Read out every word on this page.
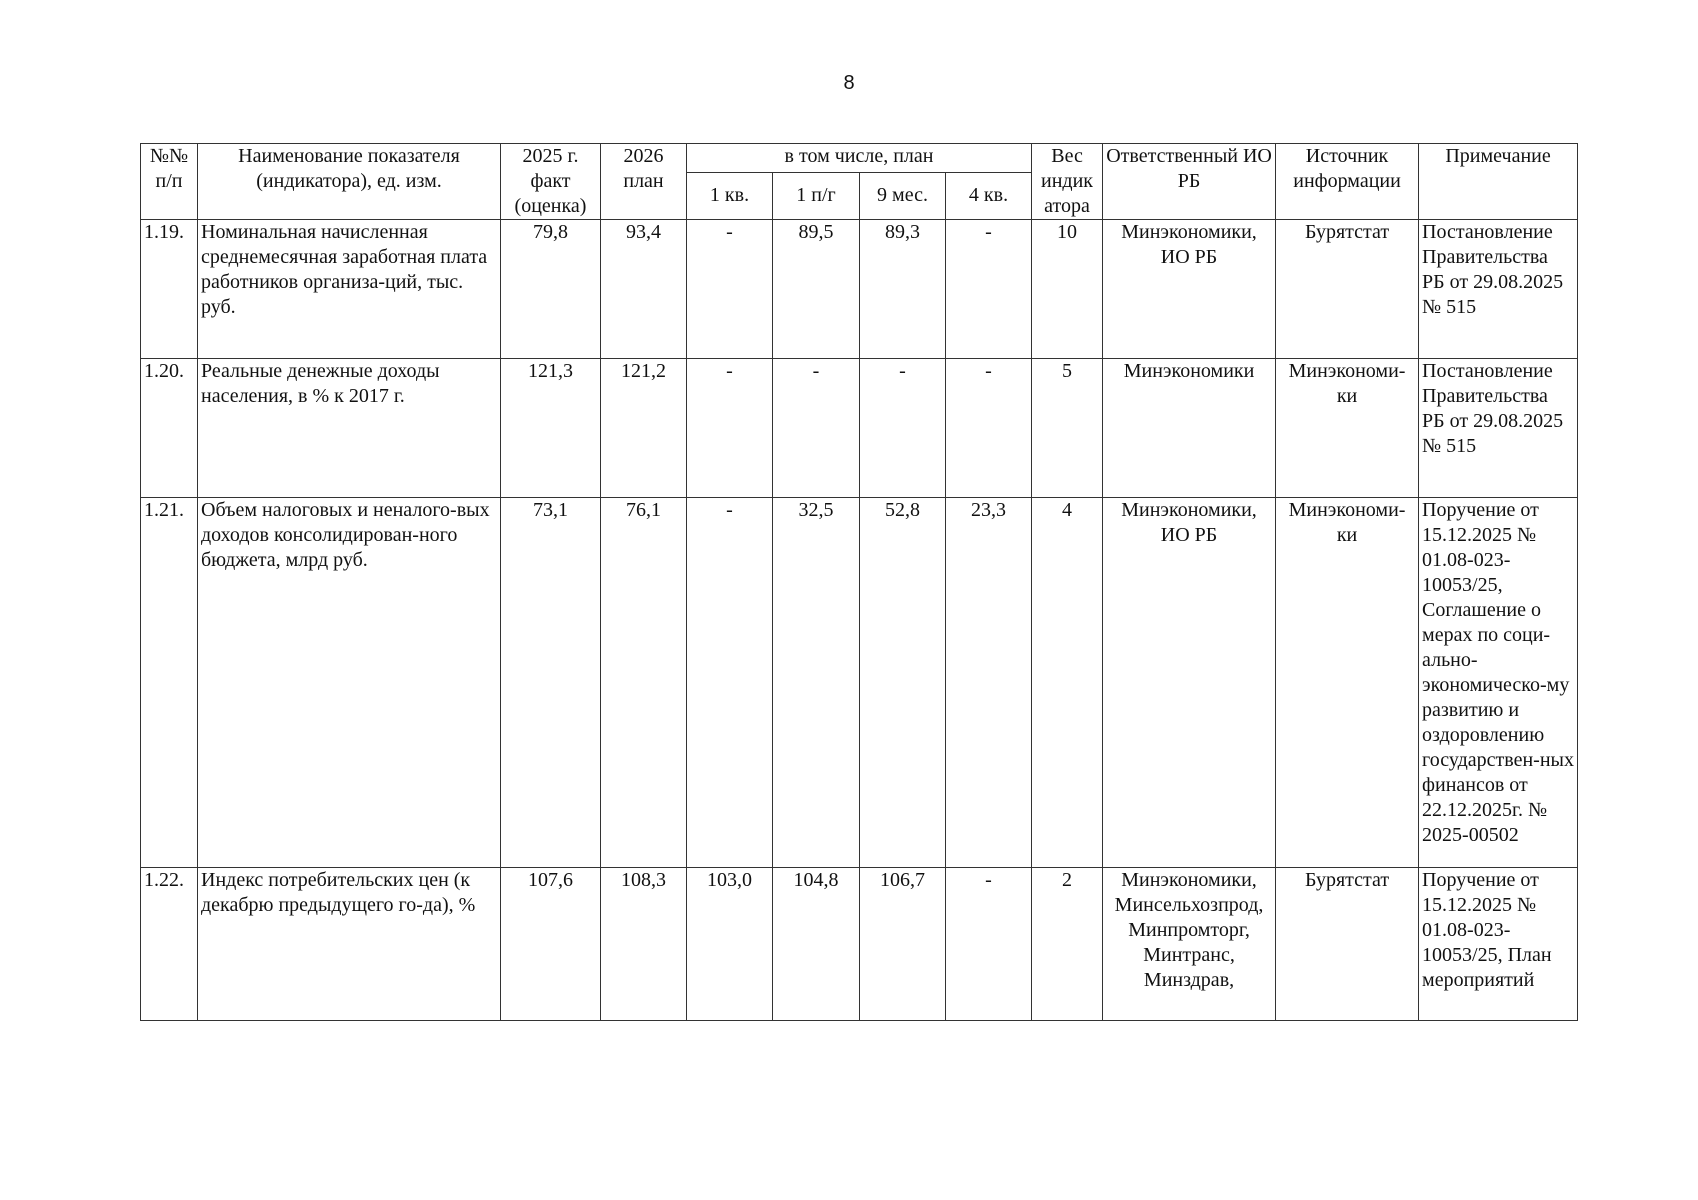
8
№№ п/п	Наименование показателя (индикатора), ед. изм.	2025 г. факт (оценка)	2026 план	в том числе, план				Вес индик атора	Ответственный ИО РБ	Источник информации	Примечание
				1 кв.	1 п/г	9 мес.	4 кв.				
1.19.	Номинальная начисленная среднемесячная заработная плата работников организа-ций, тыс. руб.	79,8	93,4	-	89,5	89,3	-	10	Минэкономики, ИО РБ	Бурятстат	Постановление Правительства РБ от 29.08.2025 № 515
1.20.	Реальные денежные доходы населения, в % к 2017 г.	121,3	121,2	-	-	-	-	5	Минэкономики	Минэкономи-ки	Постановление Правительства РБ от 29.08.2025 № 515
1.21.	Объем налоговых и неналого-вых доходов консолидирован-ного бюджета, млрд руб.	73,1	76,1	-	32,5	52,8	23,3	4	Минэкономики, ИО РБ	Минэкономи-ки	Поручение от 15.12.2025 № 01.08-023-10053/25, Соглашение о мерах по соци-ально-экономическо-му развитию и оздоровлению государствен-ных финансов от 22.12.2025г. № 2025-00502
1.22.	Индекс потребительских цен (к декабрю предыдущего го-да), %	107,6	108,3	103,0	104,8	106,7	-	2	Минэкономики, Минсельхозпрод, Минпромторг, Минтранс, Минздрав,	Бурятстат	Поручение от 15.12.2025 № 01.08-023-10053/25, План мероприятий
